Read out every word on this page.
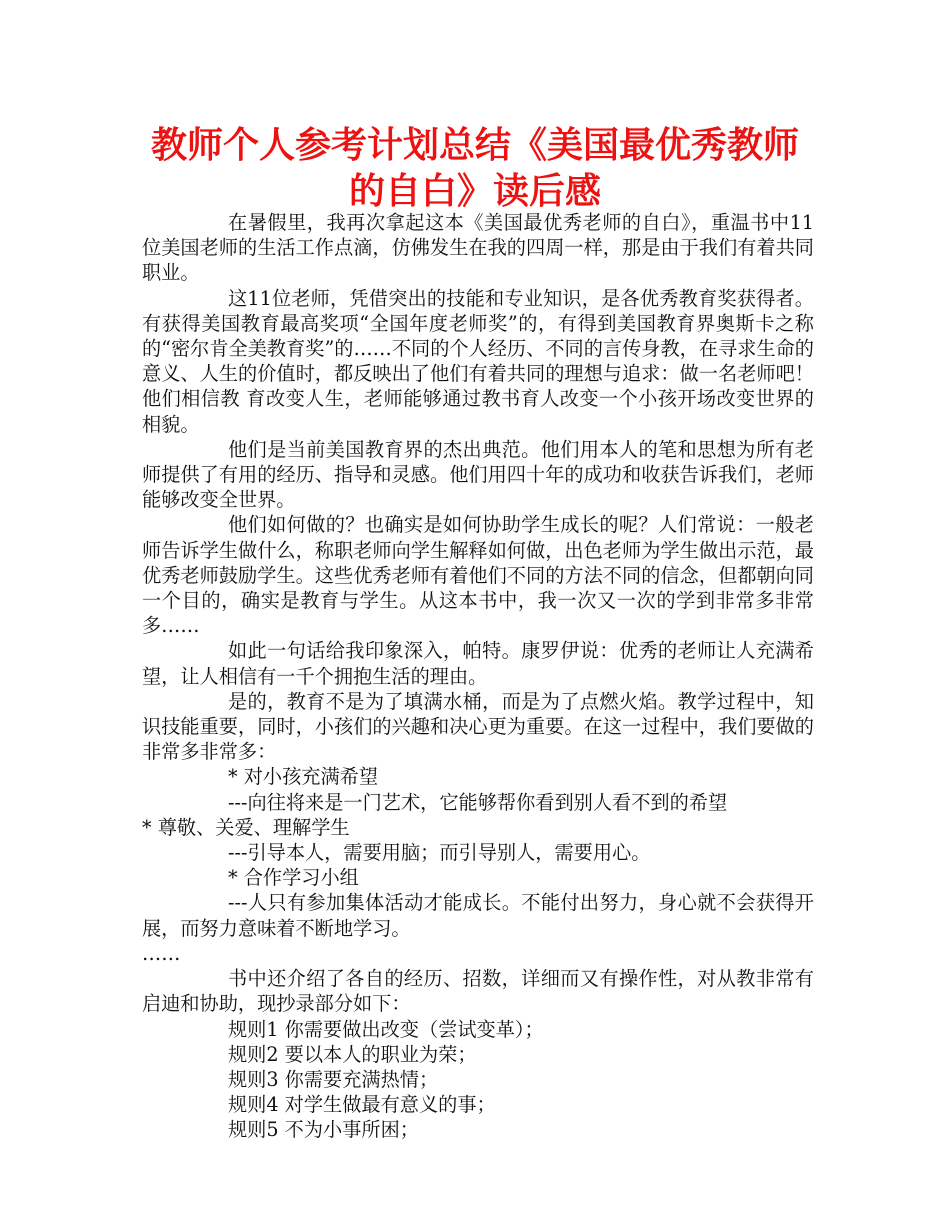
教师个人参考计划总结《美国最优秀教师
的自白》读后感

在暑假里，我再次拿起这本《美国最优秀老师的自白》，重温书中11位美国老师的生活工作点滴，仿佛发生在我的四周一样，那是由于我们有着共同职业。

这11位老师，凭借突出的技能和专业知识，是各优秀教育奖获得者。有获得美国教育最高奖项“全国年度老师奖”的，有得到美国教育界奥斯卡之称的“密尔肯全美教育奖”的……不同的个人经历、不同的言传身教，在寻求生命的意义、人生的价值时，都反映出了他们有着共同的理想与追求：做一名老师吧！他们相信教 育改变人生，老师能够通过教书育人改变一个小孩开场改变世界的相貌。

他们是当前美国教育界的杰出典范。他们用本人的笔和思想为所有老师提供了有用的经历、指导和灵感。他们用四十年的成功和收获告诉我们，老师能够改变全世界。

他们如何做的？也确实是如何协助学生成长的呢？人们常说：一般老师告诉学生做什么，称职老师向学生解释如何做，出色老师为学生做出示范，最优秀老师鼓励学生。这些优秀老师有着他们不同的方法不同的信念，但都朝向同一个目的，确实是教育与学生。从这本书中，我一次又一次的学到非常多非常多……

如此一句话给我印象深入，帕特。康罗伊说：优秀的老师让人充满希望，让人相信有一千个拥抱生活的理由。

是的，教育不是为了填满水桶，而是为了点燃火焰。教学过程中，知识技能重要，同时，小孩们的兴趣和决心更为重要。在这一过程中，我们要做的非常多非常多：

* 对小孩充满希望

---向往将来是一门艺术，它能够帮你看到别人看不到的希望

* 尊敬、关爱、理解学生

---引导本人，需要用脑；而引导别人，需要用心。

* 合作学习小组

---人只有参加集体活动才能成长。不能付出努力，身心就不会获得开展，而努力意味着不断地学习。

……

书中还介绍了各自的经历、招数，详细而又有操作性，对从教非常有启迪和协助，现抄录部分如下：

规则1 你需要做出改变（尝试变革）；

规则2 要以本人的职业为荣；

规则3 你需要充满热情；

规则4 对学生做最有意义的事；

规则5 不为小事所困；
